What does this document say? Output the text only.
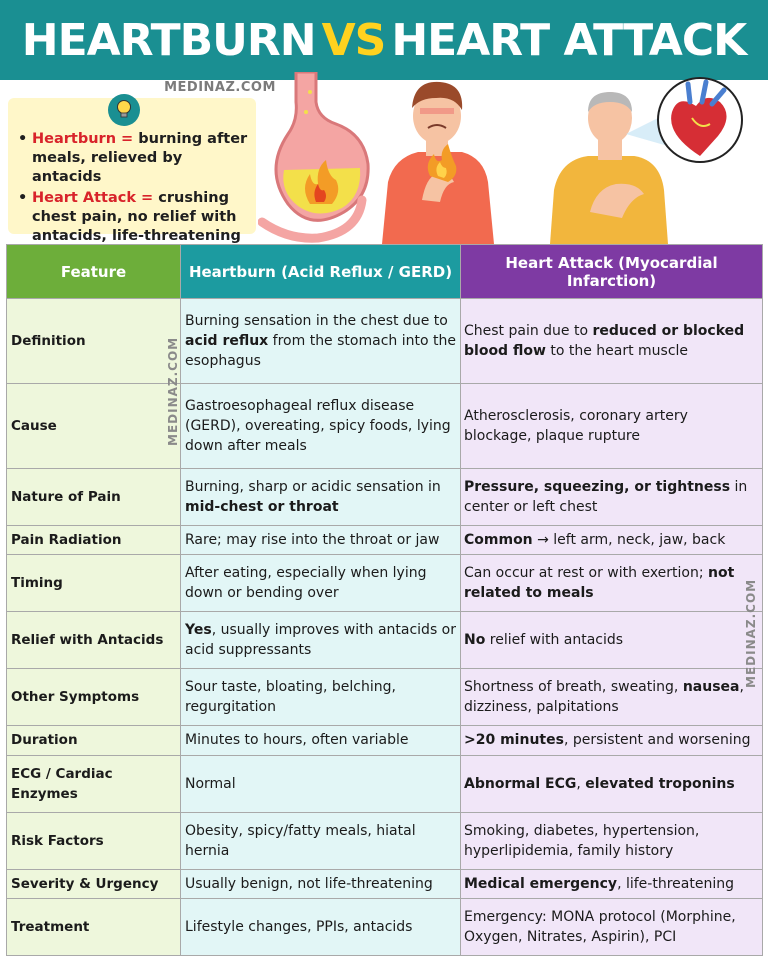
HEARTBURN VS HEART ATTACK
MEDINAZ.COM
• Heartburn = burning after meals, relieved by antacids
• Heart Attack = crushing chest pain, no relief with antacids, life-threatening
Feature	Heartburn (Acid Reflux / GERD)	Heart Attack (Myocardial Infarction)
Definition	Burning sensation in the chest due to acid reflux from the stomach into the esophagus	Chest pain due to reduced or blocked blood flow to the heart muscle
Cause	Gastroesophageal reflux disease (GERD), overeating, spicy foods, lying down after meals	Atherosclerosis, coronary artery blockage, plaque rupture
Nature of Pain	Burning, sharp or acidic sensation in mid-chest or throat	Pressure, squeezing, or tightness in center or left chest
Pain Radiation	Rare; may rise into the throat or jaw	Common → left arm, neck, jaw, back
Timing	After eating, especially when lying down or bending over	Can occur at rest or with exertion; not related to meals
Relief with Antacids	Yes, usually improves with antacids or acid suppressants	No relief with antacids
Other Symptoms	Sour taste, bloating, belching, regurgitation	Shortness of breath, sweating, nausea, dizziness, palpitations
Duration	Minutes to hours, often variable	>20 minutes, persistent and worsening
ECG / Cardiac Enzymes	Normal	Abnormal ECG, elevated troponins
Risk Factors	Obesity, spicy/fatty meals, hiatal hernia	Smoking, diabetes, hypertension, hyperlipidemia, family history
Severity & Urgency	Usually benign, not life-threatening	Medical emergency, life-threatening
Treatment	Lifestyle changes, PPIs, antacids	Emergency: MONA protocol (Morphine, Oxygen, Nitrates, Aspirin), PCI
MEDINAZ.COM
MEDINAZ.COM
